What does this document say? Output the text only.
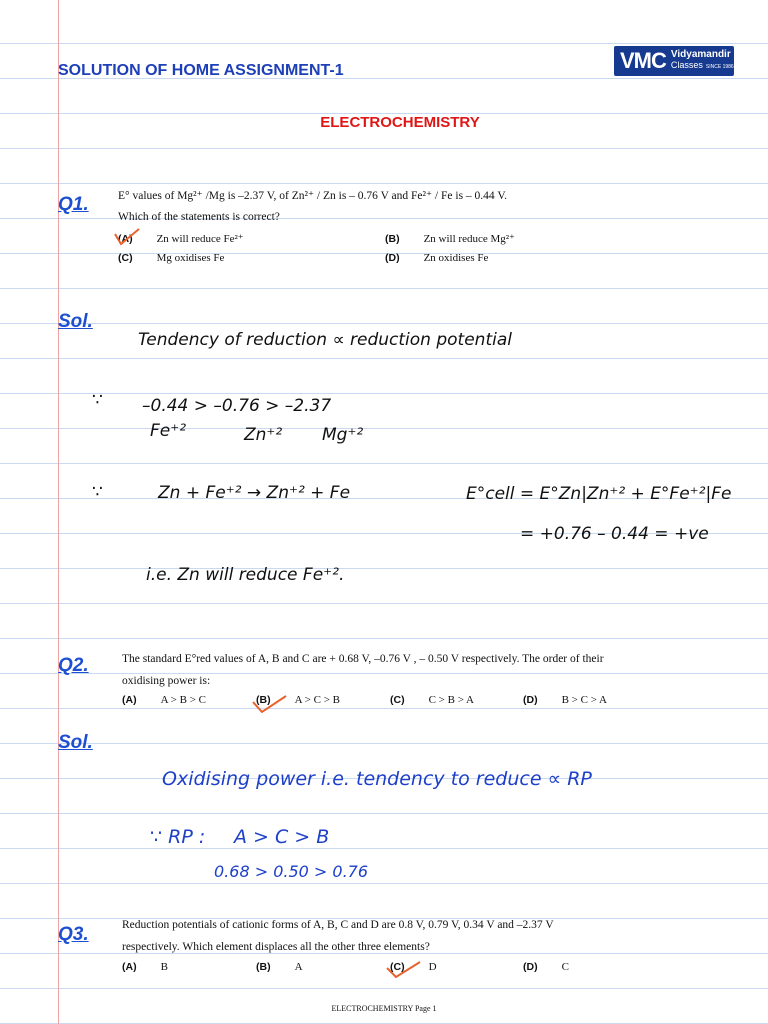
SOLUTION OF HOME ASSIGNMENT-1	VMC Vidyamandir
Classes SINCE 1986
ELECTROCHEMISTRY
Q1.	E° values of Mg²⁺ /Mg is –2.37 V, of Zn²⁺ / Zn is – 0.76 V and Fe²⁺ / Fe is – 0.44 V.
Which of the statements is correct?
(A) Zn will reduce Fe²⁺	(B) Zn will reduce Mg²⁺
(C) Mg oxidises Fe	(D) Zn oxidises Fe
Sol.
Tendency of reduction ∝ reduction potential
∵ –0.44 > –0.76 > –2.37
Fe⁺²	Zn⁺² Mg⁺²
∵	Zn + Fe⁺² → Zn⁺² + Fe	E°cell = E°Zn|Zn⁺² + E°Fe⁺²|Fe
= +0.76 – 0.44 = +ve
i.e. Zn will reduce Fe⁺².
Q2.	The standard E°red values of A, B and C are + 0.68 V, –0.76 V , – 0.50 V respectively. The order of their
oxidising power is:
(A) A > B > C	(B) A > C > B	(C) C > B > A	(D) B > C > A
Sol.
Oxidising power i.e. tendency to reduce ∝ RP
∵ RP : A > C > B
0.68 > 0.50 > 0.76
Q3.	Reduction potentials of cationic forms of A, B, C and D are 0.8 V, 0.79 V, 0.34 V and –2.37 V
respectively. Which element displaces all the other three elements?
(A) B	(B) A	(C) D	(D) C
ELECTROCHEMISTRY Page 1
